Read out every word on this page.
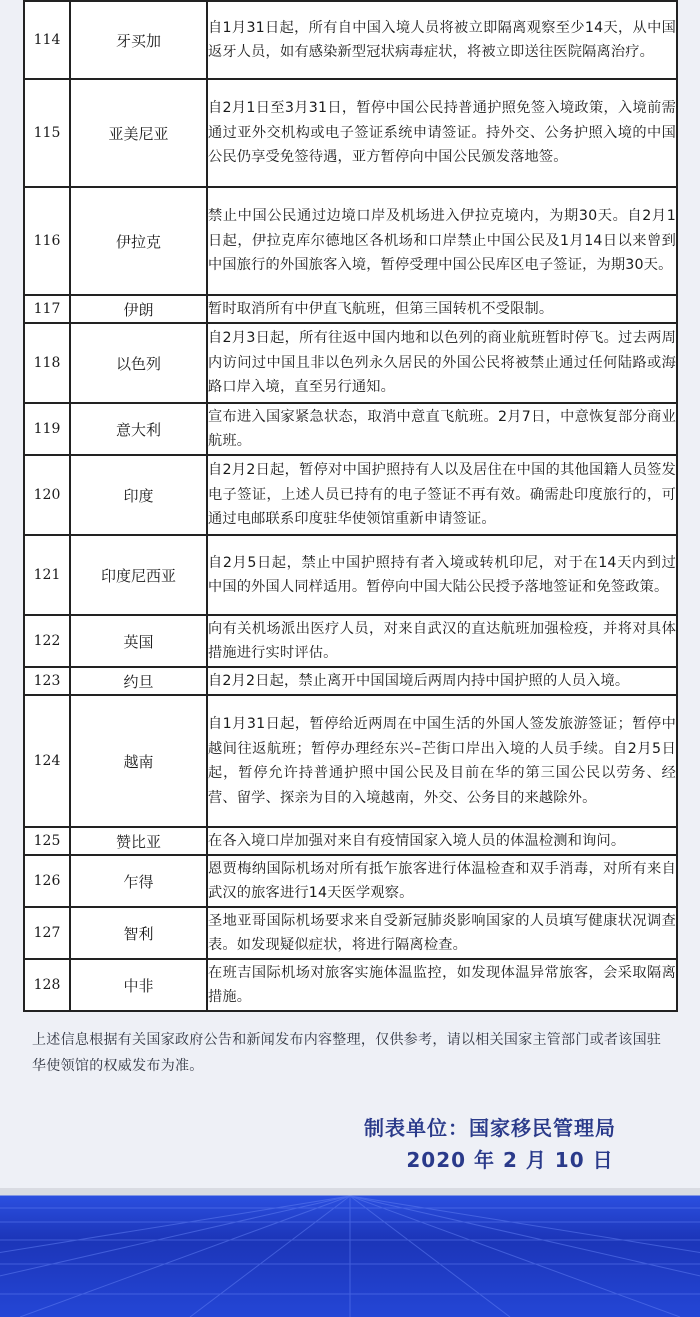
114	牙买加	自1月31日起，所有自中国入境人员将被立即隔离观察至少14天，从中国返牙人员，如有感染新型冠状病毒症状，将被立即送往医院隔离治疗。
115	亚美尼亚	自2月1日至3月31日，暂停中国公民持普通护照免签入境政策，入境前需通过亚外交机构或电子签证系统申请签证。持外交、公务护照入境的中国公民仍享受免签待遇，亚方暂停向中国公民颁发落地签。
116	伊拉克	禁止中国公民通过边境口岸及机场进入伊拉克境内，为期30天。自2月1日起，伊拉克库尔德地区各机场和口岸禁止中国公民及1月14日以来曾到中国旅行的外国旅客入境，暂停受理中国公民库区电子签证，为期30天。
117	伊朗	暂时取消所有中伊直飞航班，但第三国转机不受限制。
118	以色列	自2月3日起，所有往返中国内地和以色列的商业航班暂时停飞。过去两周内访问过中国且非以色列永久居民的外国公民将被禁止通过任何陆路或海路口岸入境，直至另行通知。
119	意大利	宣布进入国家紧急状态，取消中意直飞航班。2月7日，中意恢复部分商业航班。
120	印度	自2月2日起，暂停对中国护照持有人以及居住在中国的其他国籍人员签发电子签证，上述人员已持有的电子签证不再有效。确需赴印度旅行的，可通过电邮联系印度驻华使领馆重新申请签证。
121	印度尼西亚	自2月5日起，禁止中国护照持有者入境或转机印尼，对于在14天内到过中国的外国人同样适用。暂停向中国大陆公民授予落地签证和免签政策。
122	英国	向有关机场派出医疗人员，对来自武汉的直达航班加强检疫，并将对具体措施进行实时评估。
123	约旦	自2月2日起，禁止离开中国国境后两周内持中国护照的人员入境。
124	越南	自1月31日起，暂停给近两周在中国生活的外国人签发旅游签证；暂停中越间往返航班；暂停办理经东兴–芒街口岸出入境的人员手续。自2月5日起，暂停允许持普通护照中国公民及目前在华的第三国公民以劳务、经营、留学、探亲为目的入境越南，外交、公务目的来越除外。
125	赞比亚	在各入境口岸加强对来自有疫情国家入境人员的体温检测和询问。
126	乍得	恩贾梅纳国际机场对所有抵乍旅客进行体温检查和双手消毒，对所有来自武汉的旅客进行14天医学观察。
127	智利	圣地亚哥国际机场要求来自受新冠肺炎影响国家的人员填写健康状况调查表。如发现疑似症状，将进行隔离检查。
128	中非	在班吉国际机场对旅客实施体温监控，如发现体温异常旅客，会采取隔离措施。
上述信息根据有关国家政府公告和新闻发布内容整理，仅供参考，请以相关国家主管部门或者该国驻华使领馆的权威发布为准。
制表单位：国家移民管理局
2020 年 2 月 10 日
